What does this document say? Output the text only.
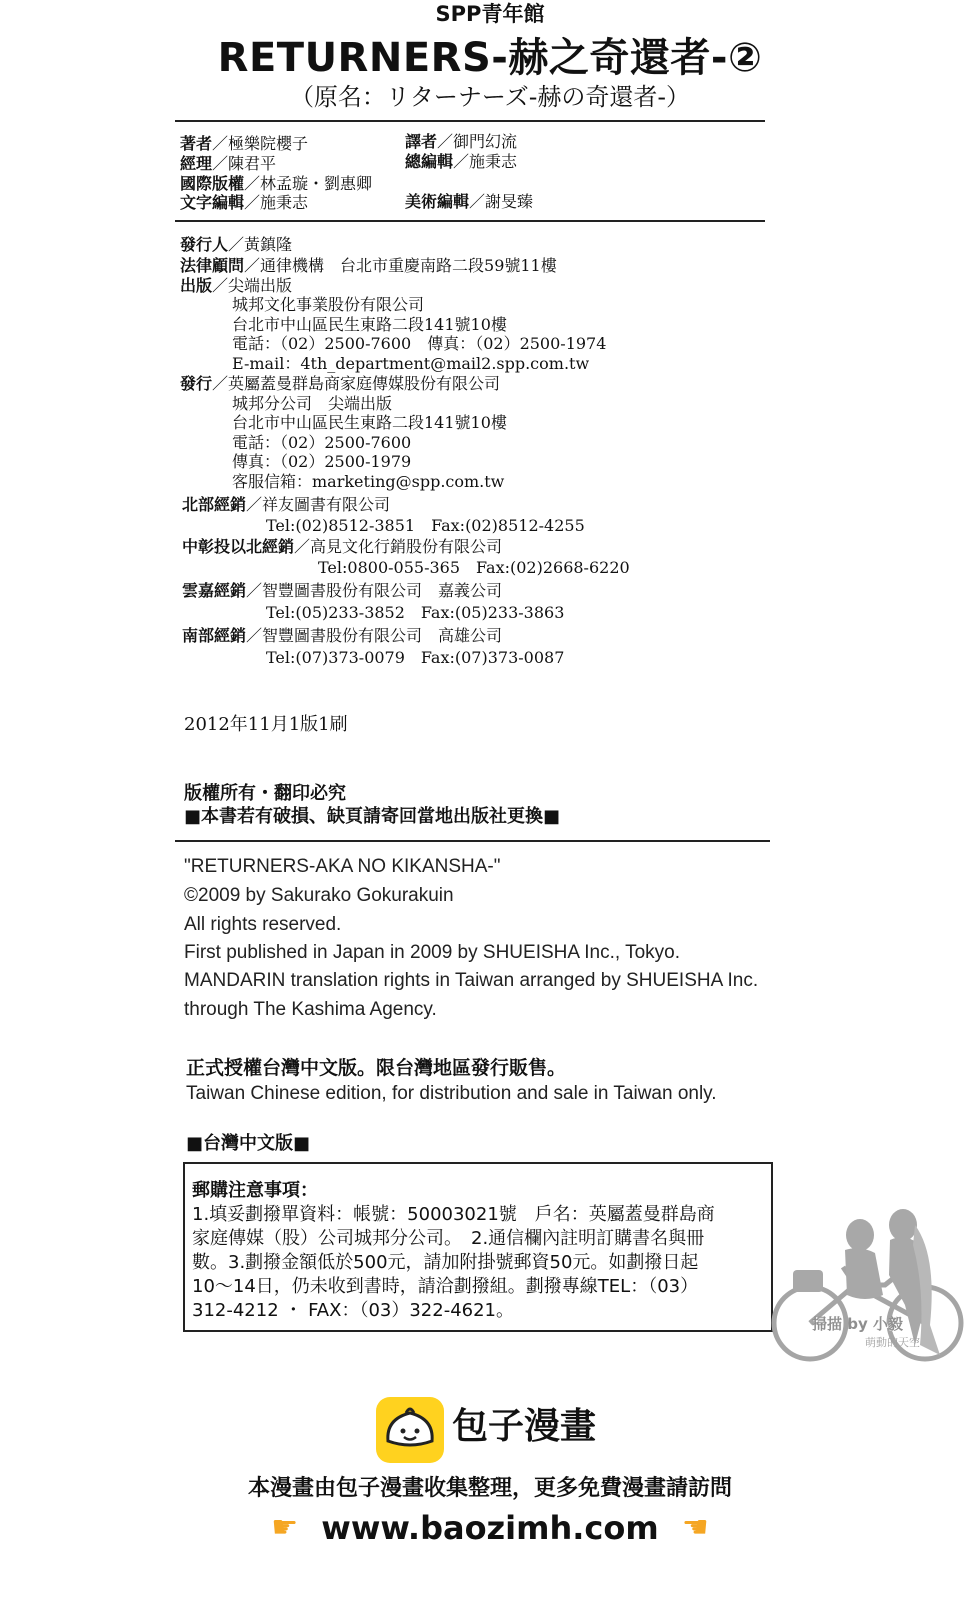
SPP青年館
RETURNERS-赫之奇還者-②
（原名：リターナーズ-赫の奇還者-）
著者／極樂院櫻子	譯者／御門幻流
經理／陳君平	總編輯／施秉志
國際版權／林孟璇・劉惠卿
文字編輯／施秉志	美術編輯／謝旻臻
發行人／黃鎮隆
法律顧問／通律機構　台北市重慶南路二段59號11樓
出版／尖端出版
城邦文化事業股份有限公司
台北市中山區民生東路二段141號10樓
電話：（02）2500-7600　傳真：（02）2500-1974
E-mail：4th_department@mail2.spp.com.tw
發行／英屬蓋曼群島商家庭傳媒股份有限公司
城邦分公司　尖端出版
台北市中山區民生東路二段141號10樓
電話：（02）2500-7600
傳真：（02）2500-1979
客服信箱：marketing@spp.com.tw
北部經銷／祥友圖書有限公司
Tel:(02)8512-3851　Fax:(02)8512-4255
中彰投以北經銷／高見文化行銷股份有限公司
Tel:0800-055-365　Fax:(02)2668-6220
雲嘉經銷／智豐圖書股份有限公司　嘉義公司
Tel:(05)233-3852　Fax:(05)233-3863
南部經銷／智豐圖書股份有限公司　高雄公司
Tel:(07)373-0079　Fax:(07)373-0087
2012年11月1版1刷
版權所有・翻印必究
■本書若有破損、缺頁請寄回當地出版社更換■
"RETURNERS-AKA NO KIKANSHA-"
©2009 by Sakurako Gokurakuin
All rights reserved.
First published in Japan in 2009 by SHUEISHA Inc., Tokyo.
MANDARIN translation rights in Taiwan arranged by SHUEISHA Inc.
through The Kashima Agency.
正式授權台灣中文版。限台灣地區發行販售。
Taiwan Chinese edition, for distribution and sale in Taiwan only.
■台灣中文版■
郵購注意事項：
1.填妥劃撥單資料：帳號：50003021號　戶名：英屬蓋曼群島商
家庭傳媒（股）公司城邦分公司。　2.通信欄內註明訂購書名與冊
數。3.劃撥金額低於500元，請加附掛號郵資50元。如劃撥日起
10～14日，仍未收到書時，請洽劃撥組。劃撥專線TEL：（03）
312-4212 ・ FAX：（03）322-4621。
掃描 by 小毅
萌動的天空
包子漫畫
本漫畫由包子漫畫收集整理，更多免費漫畫請訪問
☛ www.baozimh.com ☚
